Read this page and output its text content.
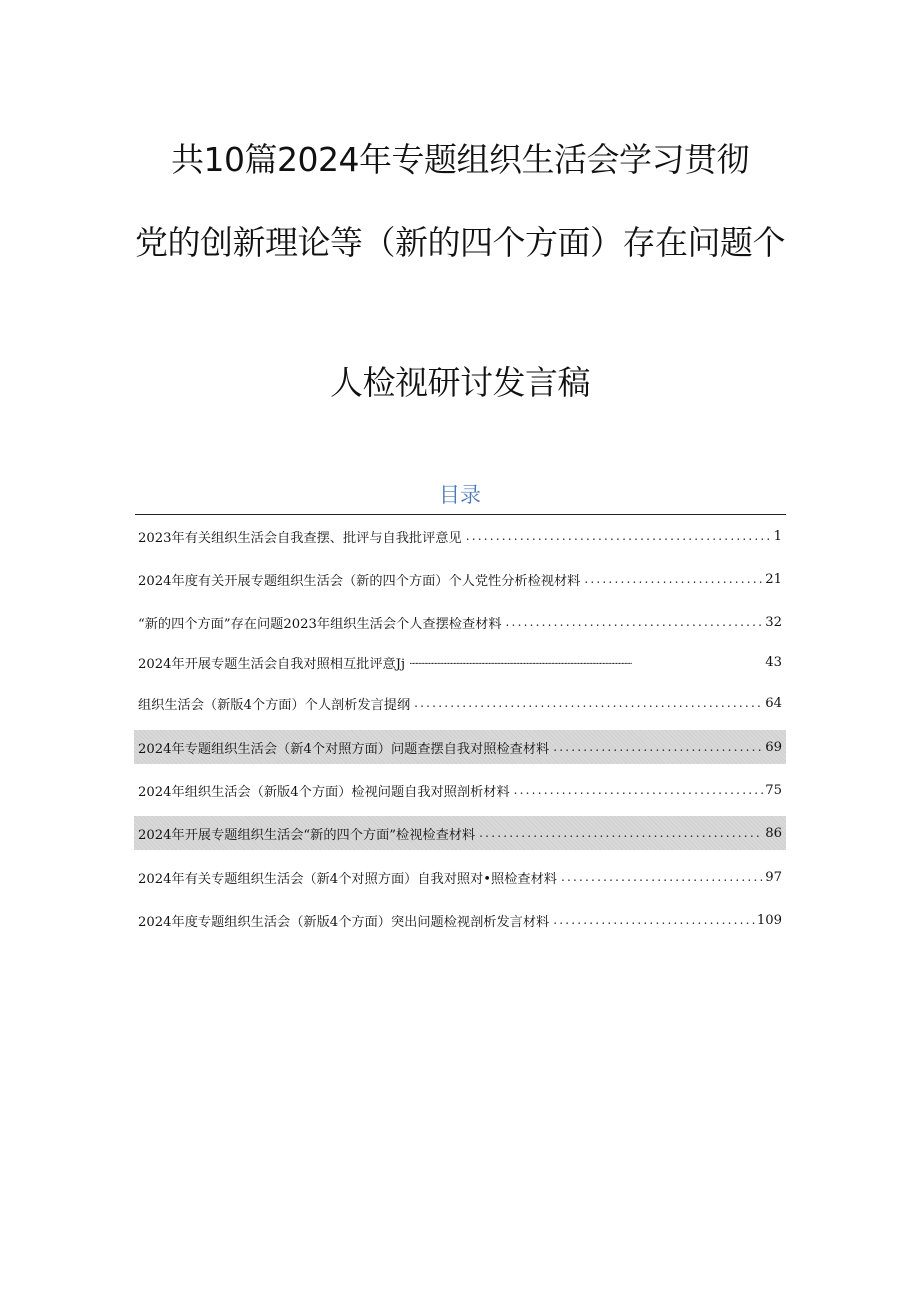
共10篇2024年专题组织生活会学习贯彻
党的创新理论等（新的四个方面）存在问题个
人检视研讨发言稿
目录
2023年有关组织生活会自我查摆、批评与自我批评意见 .....	1
2024年度有关开展专题组织生活会（新的四个方面）个人党性分析检视材料 .....	21
“新的四个方面”存在问题2023年组织生活会个人查摆检查材料 .....	32
2024年开展专题生活会自我对照相互批评意Jj .....	43
组织生活会（新版4个方面）个人剖析发言提纲 .....	64
2024年专题组织生活会（新4个对照方面）问题查摆自我对照检查材料 .....	69
2024年组织生活会（新版4个方面）检视问题自我对照剖析材料 .....	75
2024年开展专题组织生活会“新的四个方面”检视检查材料 .....	86
2024年有关专题组织生活会（新4个对照方面）自我对照对•照检查材料 .....	97
2024年度专题组织生活会（新版4个方面）突出问题检视剖析发言材料 .....	109
